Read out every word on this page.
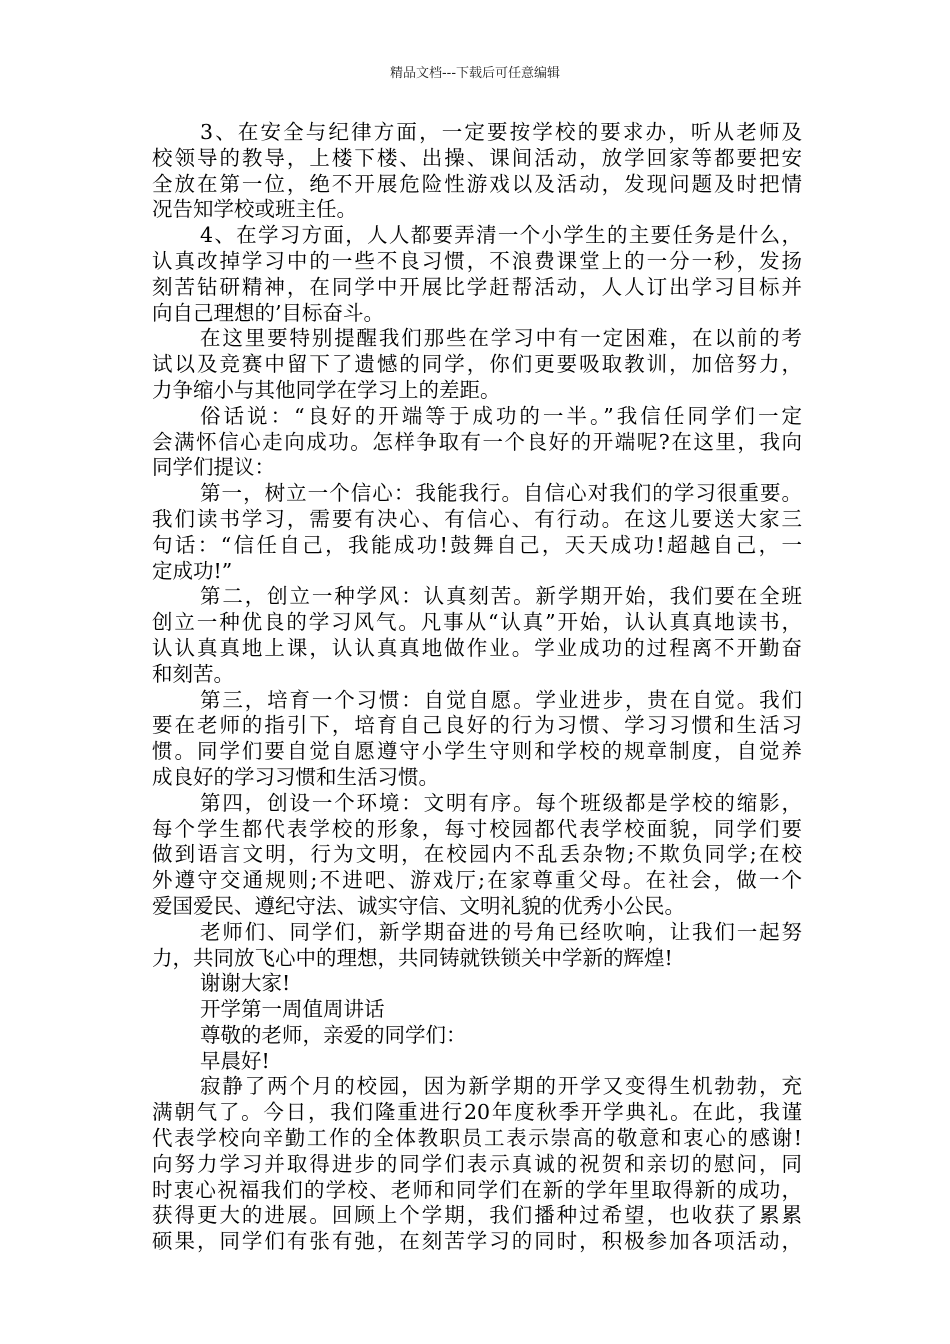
精品文档---下载后可任意编辑
3、在安全与纪律方面，一定要按学校的要求办，听从老师及
校领导的教导，上楼下楼、出操、课间活动，放学回家等都要把安
全放在第一位，绝不开展危险性游戏以及活动，发现问题及时把情
况告知学校或班主任。
4、在学习方面，人人都要弄清一个小学生的主要任务是什么，
认真改掉学习中的一些不良习惯，不浪费课堂上的一分一秒，发扬
刻苦钻研精神，在同学中开展比学赶帮活动，人人订出学习目标并
向自己理想的’目标奋斗。
在这里要特别提醒我们那些在学习中有一定困难，在以前的考
试以及竞赛中留下了遗憾的同学，你们更要吸取教训，加倍努力，
力争缩小与其他同学在学习上的差距。
俗话说：“良好的开端等于成功的一半。”我信任同学们一定
会满怀信心走向成功。怎样争取有一个良好的开端呢?在这里，我向
同学们提议：
第一，树立一个信心：我能我行。自信心对我们的学习很重要。
我们读书学习，需要有决心、有信心、有行动。在这儿要送大家三
句话：“信任自己，我能成功!鼓舞自己，天天成功!超越自己，一
定成功!”
第二，创立一种学风：认真刻苦。新学期开始，我们要在全班
创立一种优良的学习风气。凡事从“认真”开始，认认真真地读书，
认认真真地上课，认认真真地做作业。学业成功的过程离不开勤奋
和刻苦。
第三，培育一个习惯：自觉自愿。学业进步，贵在自觉。我们
要在老师的指引下，培育自己良好的行为习惯、学习习惯和生活习
惯。同学们要自觉自愿遵守小学生守则和学校的规章制度，自觉养
成良好的学习习惯和生活习惯。
第四，创设一个环境：文明有序。每个班级都是学校的缩影，
每个学生都代表学校的形象，每寸校园都代表学校面貌，同学们要
做到语言文明，行为文明，在校园内不乱丢杂物;不欺负同学;在校
外遵守交通规则;不进吧、游戏厅;在家尊重父母。在社会，做一个
爱国爱民、遵纪守法、诚实守信、文明礼貌的优秀小公民。
老师们、同学们，新学期奋进的号角已经吹响，让我们一起努
力，共同放飞心中的理想，共同铸就铁锁关中学新的辉煌!
谢谢大家!
开学第一周值周讲话
尊敬的老师，亲爱的同学们：
早晨好!
寂静了两个月的校园，因为新学期的开学又变得生机勃勃，充
满朝气了。今日，我们隆重进行20年度秋季开学典礼。在此，我谨
代表学校向辛勤工作的全体教职员工表示崇高的敬意和衷心的感谢!
向努力学习并取得进步的同学们表示真诚的祝贺和亲切的慰问，同
时衷心祝福我们的学校、老师和同学们在新的学年里取得新的成功，
获得更大的进展。回顾上个学期，我们播种过希望，也收获了累累
硕果，同学们有张有弛，在刻苦学习的同时，积极参加各项活动，
